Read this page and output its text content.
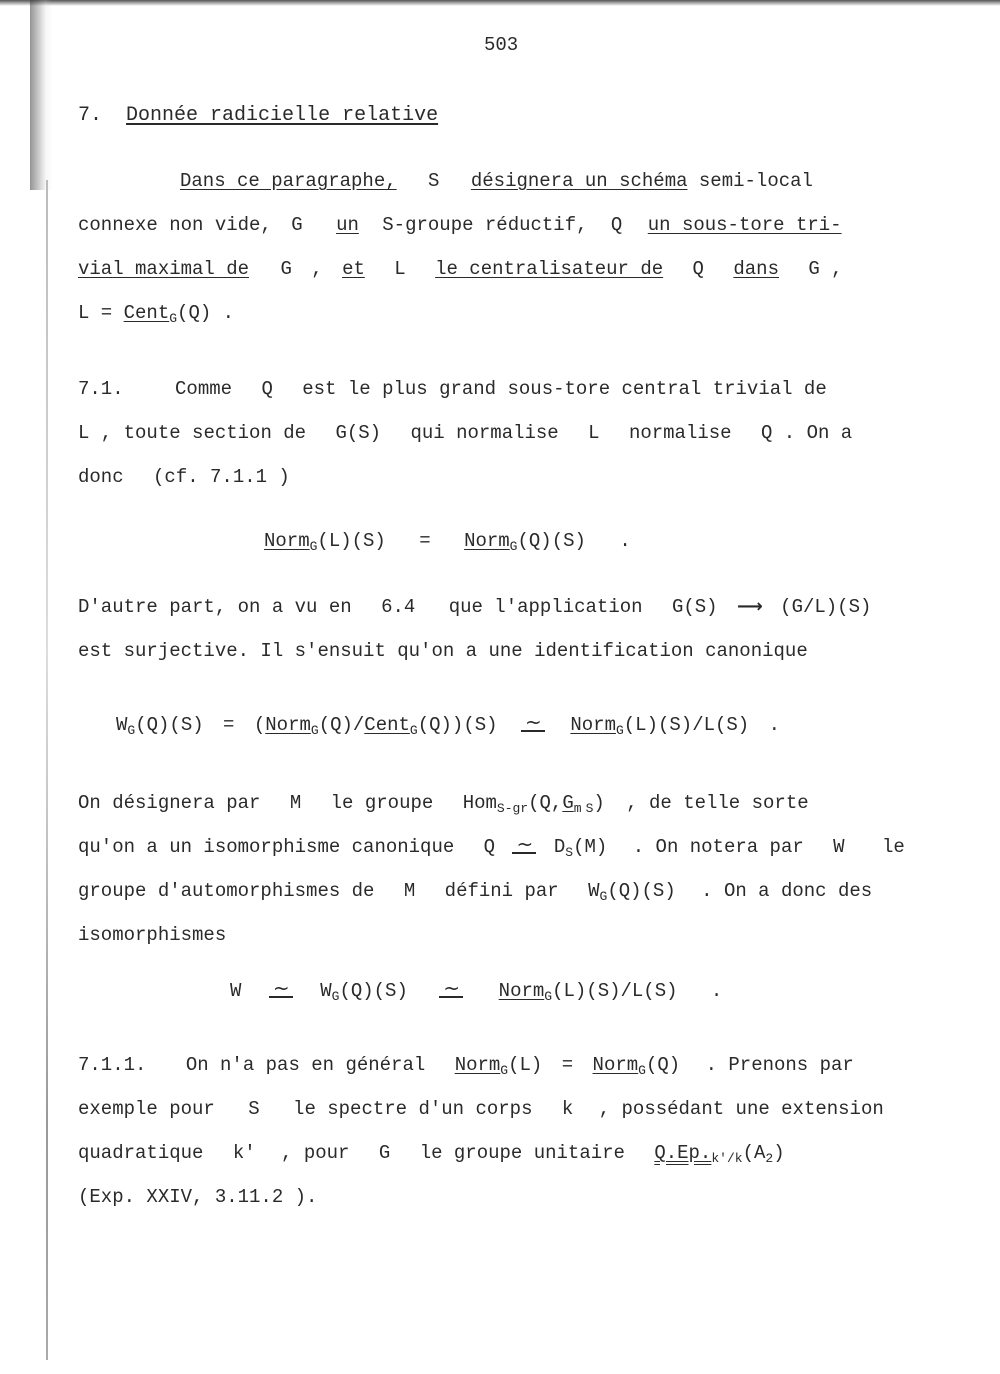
503
7. Donnée radicielle relative
Dans ce paragraphe, S désignera un schéma semi-local
connexe non vide, G un S-groupe réductif, Q un sous-tore tri-
vial maximal de G , et L le centralisateur de Q dans G ,
L = Cent$_G$(Q) .
7.1.	Comme Q est le plus grand sous-tore central trivial de
L , toute section de G(S) qui normalise L normalise Q . On a
donc (cf. 7.1.1 )
Norm$_G$(L)(S) = Norm$_G$(Q)(S) .
D'autre part, on a vu en 6.4 que l'application G(S) ⟶ (G/L)(S)
est surjective. Il s'ensuit qu'on a une identification canonique
$W_G(Q)(S)$ = (Norm$_G$(Q)/Cent$_G$(Q))(S) ~	Norm$_G$(L)(S)/L(S) .
On désignera par M le groupe $Hom_{S-gr}(Q,G_m$ $_S$) , de telle sorte
qu'on a un isomorphisme canonique Q ~	$D_S(M)$ . On notera par W le
groupe d'automorphismes de M défini par $W_G(Q)(S)$ . On a donc des
isomorphismes
W ~	$W_G(Q)(S)$ ~	Norm$_G$(L)(S)/L(S) .
7.1.1. On n'a pas en général Norm$_G$(L) = Norm$_G$(Q) . Prenons par
exemple pour S le spectre d'un corps k , possédant une extension
quadratique k' , pour G le groupe unitaire $Q.Ep._{k'/k}(A_2)$
(Exp. XXIV, 3.11.2 ).
